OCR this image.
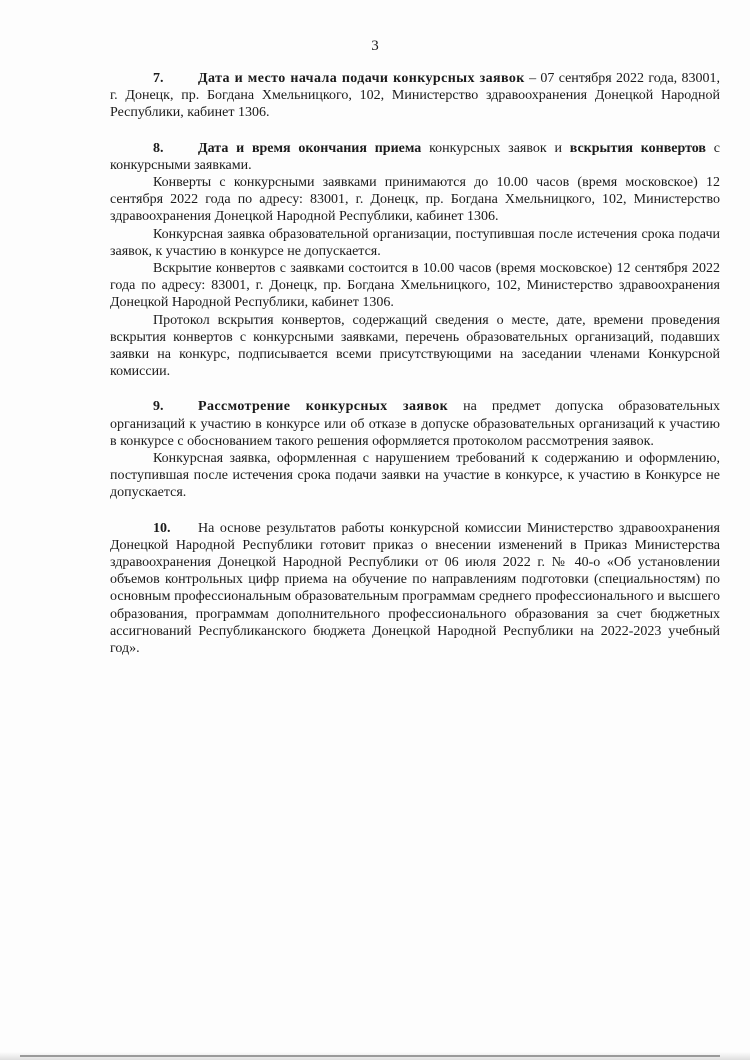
3

7. Дата и место начала подачи конкурсных заявок – 07 сентября 2022 года, 83001, г. Донецк, пр. Богдана Хмельницкого, 102, Министерство здравоохранения Донецкой Народной Республики, кабинет 1306.

8. Дата и время окончания приема конкурсных заявок и вскрытия конвертов с конкурсными заявками.

Конверты с конкурсными заявками принимаются до 10.00 часов (время московское) 12 сентября 2022 года по адресу: 83001, г. Донецк, пр. Богдана Хмельницкого, 102, Министерство здравоохранения Донецкой Народной Республики, кабинет 1306.

Конкурсная заявка образовательной организации, поступившая после истечения срока подачи заявок, к участию в конкурсе не допускается.

Вскрытие конвертов с заявками состоится в 10.00 часов (время московское) 12 сентября 2022 года по адресу: 83001, г. Донецк, пр. Богдана Хмельницкого, 102, Министерство здравоохранения Донецкой Народной Республики, кабинет 1306.

Протокол вскрытия конвертов, содержащий сведения о месте, дате, времени проведения вскрытия конвертов с конкурсными заявками, перечень образовательных организаций, подавших заявки на конкурс, подписывается всеми присутствующими на заседании членами Конкурсной комиссии.

9. Рассмотрение конкурсных заявок на предмет допуска образовательных организаций к участию в конкурсе или об отказе в допуске образовательных организаций к участию в конкурсе с обоснованием такого решения оформляется протоколом рассмотрения заявок.

Конкурсная заявка, оформленная с нарушением требований к содержанию и оформлению, поступившая после истечения срока подачи заявки на участие в конкурсе, к участию в Конкурсе не допускается.

10. На основе результатов работы конкурсной комиссии Министерство здравоохранения Донецкой Народной Республики готовит приказ о внесении изменений в Приказ Министерства здравоохранения Донецкой Народной Республики от 06 июля 2022 г. № 40-о «Об установлении объемов контрольных цифр приема на обучение по направлениям подготовки (специальностям) по основным профессиональным образовательным программам среднего профессионального и высшего образования, программам дополнительного профессионального образования за счет бюджетных ассигнований Республиканского бюджета Донецкой Народной Республики на 2022-2023 учебный год».
